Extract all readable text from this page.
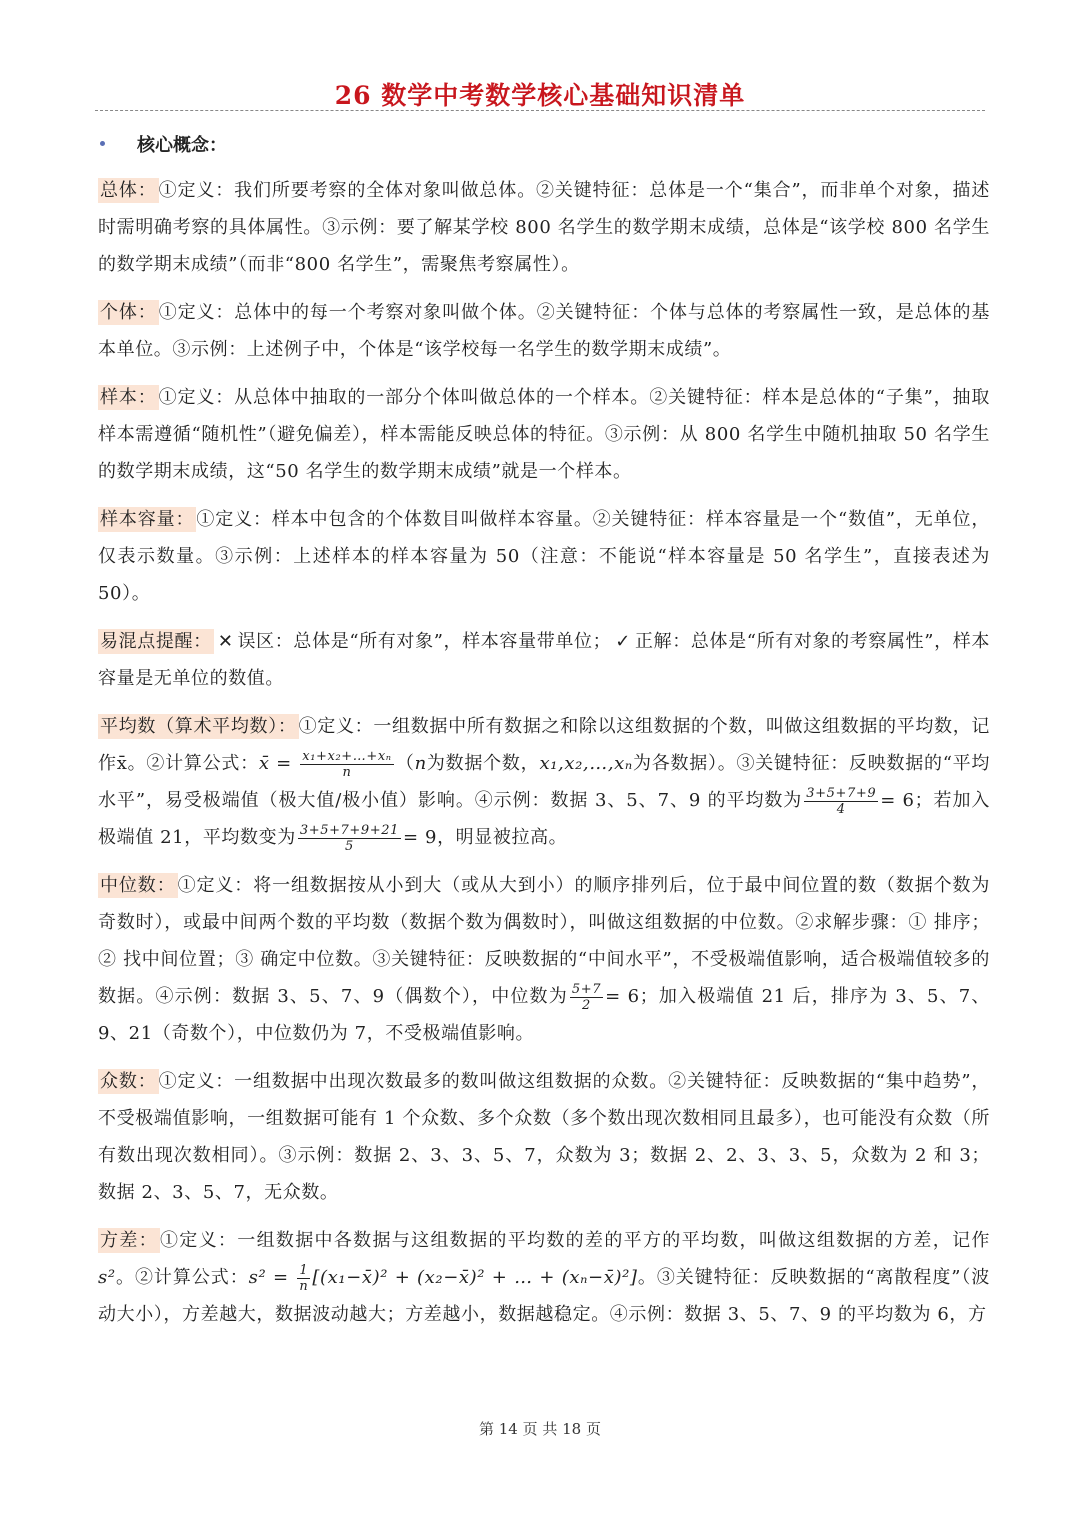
26 数学中考数学核心基础知识清单
核心概念：

总体： ①定义：我们所要考察的全体对象叫做总体。②关键特征：总体是一个“集合”，而非单个对象，描述时需明确考察的具体属性。③示例：要了解某学校 800 名学生的数学期末成绩，总体是“该学校 800 名学生的数学期末成绩”（而非“800 名学生”，需聚焦考察属性）。

个体： ①定义：总体中的每一个考察对象叫做个体。②关键特征：个体与总体的考察属性一致，是总体的基本单位。③示例：上述例子中，个体是“该学校每一名学生的数学期末成绩”。

样本： ①定义：从总体中抽取的一部分个体叫做总体的一个样本。②关键特征：样本是总体的“子集”，抽取样本需遵循“随机性”（避免偏差），样本需能反映总体的特征。③示例：从 800 名学生中随机抽取 50 名学生的数学期末成绩，这“50 名学生的数学期末成绩”就是一个样本。

样本容量： ①定义：样本中包含的个体数目叫做样本容量。②关键特征：样本容量是一个“数值”，无单位，仅表示数量。③示例：上述样本的样本容量为 50（注意：不能说“样本容量是 50 名学生”，直接表述为 50）。

易混点提醒： ✕ 误区：总体是“所有对象”，样本容量带单位； ✓ 正解：总体是“所有对象的考察属性”，样本容量是无单位的数值。

平均数（算术平均数）： ①定义：一组数据中所有数据之和除以这组数据的个数，叫做这组数据的平均数，记作x̄。②计算公式：x̄ = $\frac{\text{x₁+x₂+…+xₙ}}{n} (n$为数据个数，x₁,x₂,…,xₙ为各数据）。③关键特征：反映数据的“平均水平”，易受极端值（极大值/极小值）影响。④示例：数据 3、5、7、9 的平均数为 $\frac{3+5+7+9}{4} = 6$；若加入极端值 21，平均数变为 $\frac{3+5+7+9+21}{5} = 9$，明显被拉高。

中位数： ①定义：将一组数据按从小到大（或从大到小）的顺序排列后，位于最中间位置的数（数据个数为奇数时），或最中间两个数的平均数（数据个数为偶数时），叫做这组数据的中位数。②求解步骤：① 排序；② 找中间位置；③ 确定中位数。③关键特征：反映数据的“中间水平”，不受极端值影响，适合极端值较多的数据。④示例：数据 3、5、7、9（偶数个），中位数为 $\frac{5+7}{2} = 6$；加入极端值 21 后，排序为 3、5、7、9、21（奇数个），中位数仍为 7，不受极端值影响。

众数： ①定义：一组数据中出现次数最多的数叫做这组数据的众数。②关键特征：反映数据的“集中趋势”，不受极端值影响，一组数据可能有 1 个众数、多个众数（多个数出现次数相同且最多），也可能没有众数（所有数出现次数相同）。③示例：数据 2、3、3、5、7，众数为 3；数据 2、2、3、3、5，众数为 2 和 3；数据 2、3、5、7，无众数。

方差： ①定义：一组数据中各数据与这组数据的平均数的差的平方的平均数，叫做这组数据的方差，记作s²。②计算公式：$s^2 = \frac{1}{n}$ [(x₁−x̄)² + (x₂−x̄)² + … + (xₙ−x̄)²]。③关键特征：反映数据的“离散程度”（波动大小），方差越大，数据波动越大；方差越小，数据越稳定。④示例：数据 3、5、7、9 的平均数为 6，方

第 14 页 共 18 页
